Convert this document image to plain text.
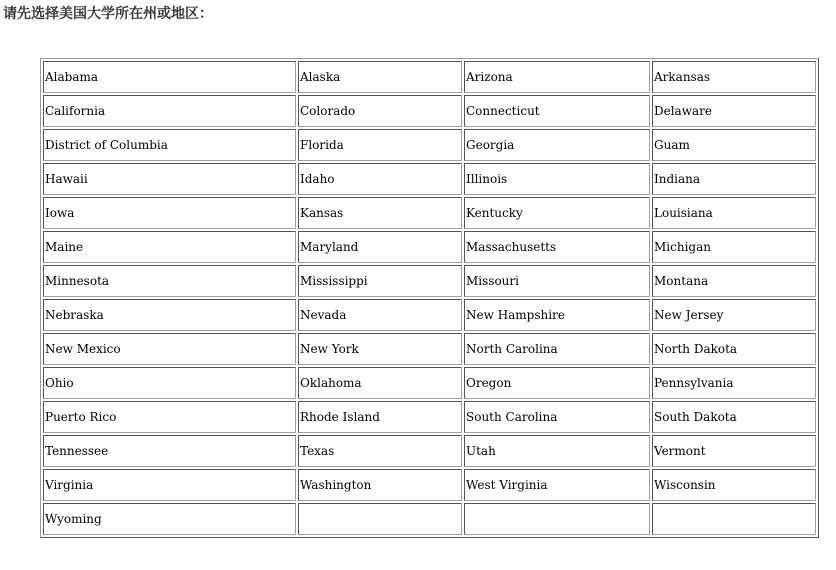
请先选择美国大学所在州或地区：
Alabama	Alaska	Arizona	Arkansas
California	Colorado	Connecticut	Delaware
District of Columbia	Florida	Georgia	Guam
Hawaii	Idaho	Illinois	Indiana
Iowa	Kansas	Kentucky	Louisiana
Maine	Maryland	Massachusetts	Michigan
Minnesota	Mississippi	Missouri	Montana
Nebraska	Nevada	New Hampshire	New Jersey
New Mexico	New York	North Carolina	North Dakota
Ohio	Oklahoma	Oregon	Pennsylvania
Puerto Rico	Rhode Island	South Carolina	South Dakota
Tennessee	Texas	Utah	Vermont
Virginia	Washington	West Virginia	Wisconsin
Wyoming			
